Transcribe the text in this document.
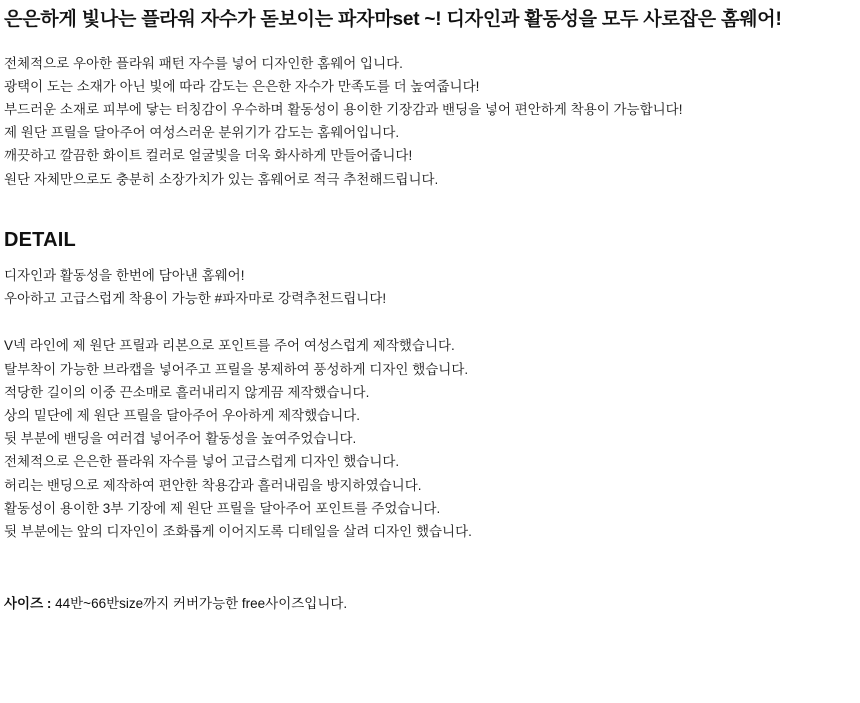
은은하게 빛나는 플라워 자수가 돋보이는 파자마set ~! 디자인과 활동성을 모두 사로잡은 홈웨어!
전체적으로 우아한 플라워 패턴 자수를 넣어 디자인한 홈웨어 입니다.
광택이 도는 소재가 아닌 빛에 따라 감도는 은은한 자수가 만족도를 더 높여줍니다!
부드러운 소재로 피부에 닿는 터칭감이 우수하며 활동성이 용이한 기장감과 밴딩을 넣어 편안하게 착용이 가능합니다!
제 원단 프릴을 달아주어 여성스러운 분위기가 감도는 홈웨어입니다.
깨끗하고 깔끔한 화이트 컬러로 얼굴빛을 더욱 화사하게 만들어줍니다!
원단 자체만으로도 충분히 소장가치가 있는 홈웨어로 적극 추천해드립니다.
DETAIL
디자인과 활동성을 한번에 담아낸 홈웨어!
우아하고 고급스럽게 착용이 가능한 #파자마로 강력추천드립니다!
V넥 라인에 제 원단 프릴과 리본으로 포인트를 주어 여성스럽게 제작했습니다.
탈부착이 가능한 브라캡을 넣어주고 프릴을 봉제하여 풍성하게 디자인 했습니다.
적당한 길이의 이중 끈소매로 흘러내리지 않게끔 제작했습니다.
상의 밑단에 제 원단 프릴을 달아주어 우아하게 제작했습니다.
뒷 부분에 밴딩을 여러겹 넣어주어 활동성을 높여주었습니다.
전체적으로 은은한 플라워 자수를 넣어 고급스럽게 디자인 했습니다.
허리는 밴딩으로 제작하여 편안한 착용감과 흘러내림을 방지하였습니다.
활동성이 용이한 3부 기장에 제 원단 프릴을 달아주어 포인트를 주었습니다.
뒷 부분에는 앞의 디자인이 조화롭게 이어지도록 디테일을 살려 디자인 했습니다.
사이즈 : 44반~66반size까지 커버가능한 free사이즈입니다.
